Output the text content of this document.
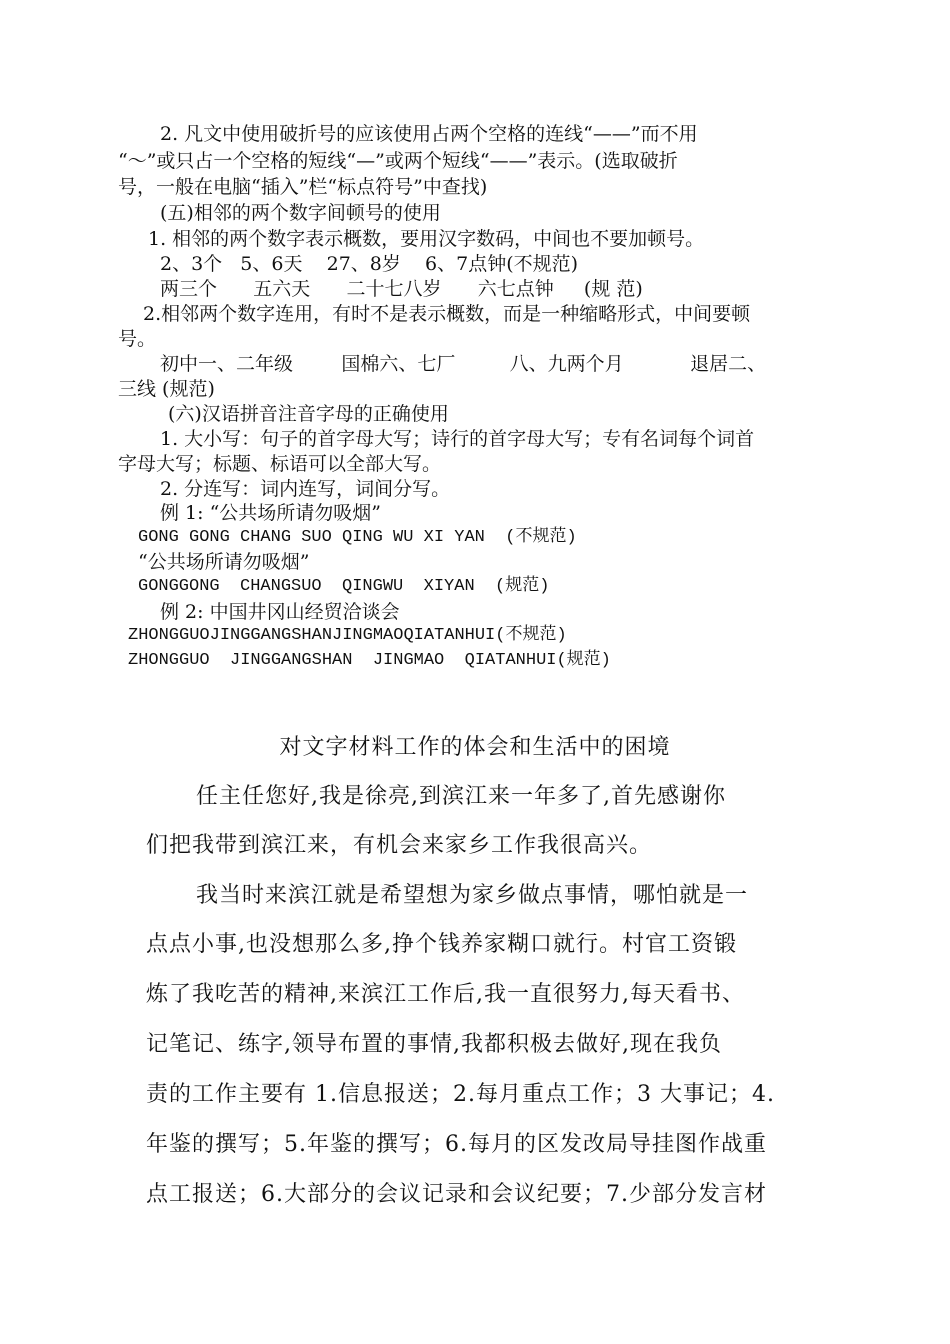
2. 凡文中使用破折号的应该使用占两个空格的连线“——”而不用
“～”或只占一个空格的短线“—”或两个短线“——”表示。(选取破折
号，一般在电脑“插入”栏“标点符号”中查找)
(五)相邻的两个数字间顿号的使用
1. 相邻的两个数字表示概数，要用汉字数码，中间也不要加顿号。
2、3个   5、6天    27、8岁    6、7点钟(不规范)
两三个      五六天      二十七八岁      六七点钟     (规 范)
2.相邻两个数字连用，有时不是表示概数，而是一种缩略形式，中间要顿
号。
初中一、二年级        国棉六、七厂         八、九两个月           退居二、
三线 (规范)
(六)汉语拼音注音字母的正确使用
1. 大小写：句子的首字母大写；诗行的首字母大写；专有名词每个词首
字母大写；标题、标语可以全部大写。
2. 分连写：词内连写，词间分写。
例 1: “公共场所请勿吸烟”
GONG GONG CHANG SUO QING WU XI YAN  (不规范)
“公共场所请勿吸烟”
GONGGONG  CHANGSUO  QINGWU  XIYAN  (规范)
例 2: 中国井冈山经贸洽谈会
ZHONGGUOJINGGANGSHANJINGMAOQIATANHUI(不规范)
ZHONGGUO  JINGGANGSHAN  JINGMAO  QIATANHUI(规范)
对文字材料工作的体会和生活中的困境
任主任您好,我是徐亮,到滨江来一年多了,首先感谢你
们把我带到滨江来，有机会来家乡工作我很高兴。
我当时来滨江就是希望想为家乡做点事情，哪怕就是一
点点小事,也没想那么多,挣个钱养家糊口就行。村官工资锻
炼了我吃苦的精神,来滨江工作后,我一直很努力,每天看书、
记笔记、练字,领导布置的事情,我都积极去做好,现在我负
责的工作主要有 1.信息报送；2.每月重点工作；3 大事记；4.
年鉴的撰写；5.年鉴的撰写；6.每月的区发改局导挂图作战重
点工报送；6.大部分的会议记录和会议纪要；7.少部分发言材
